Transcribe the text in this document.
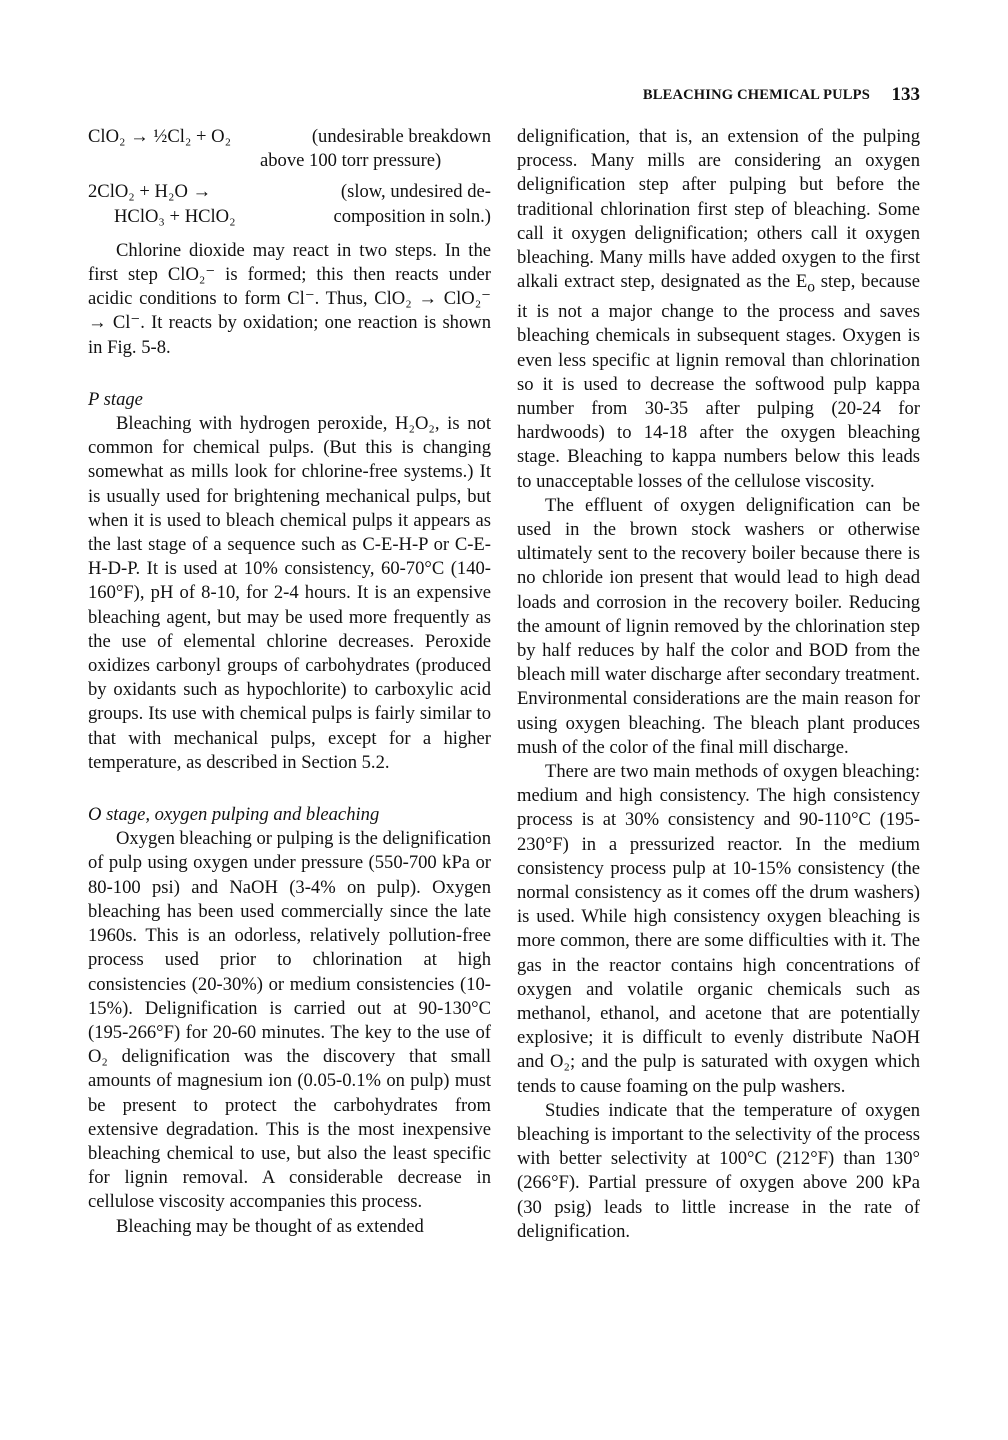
BLEACHING CHEMICAL PULPS 133
ClO₂ → ½Cl₂ + O₂	(undesirable breakdown
above 100 torr pressure)
2ClO₂ + H₂O →
HClO₃ + HClO₂
(slow, undesired de-
composition in soln.)

Chlorine dioxide may react in two steps. In the first step ClO₂⁻ is formed; this then reacts under acidic conditions to form Cl⁻. Thus, ClO₂ → ClO₂⁻ → Cl⁻. It reacts by oxidation; one reaction is shown in Fig. 5-8.

P stage

Bleaching with hydrogen peroxide, H₂O₂, is not common for chemical pulps. (But this is changing somewhat as mills look for chlorine-free systems.) It is usually used for brightening mechanical pulps, but when it is used to bleach chemical pulps it appears as the last stage of a sequence such as C-E-H-P or C-E-H-D-P. It is used at 10% consistency, 60-70°C (140-160°F), pH of 8-10, for 2-4 hours. It is an expensive bleaching agent, but may be used more frequently as the use of elemental chlorine decreases. Peroxide oxidizes carbonyl groups of carbohydrates (produced by oxidants such as hypochlorite) to carboxylic acid groups. Its use with chemical pulps is fairly similar to that with mechanical pulps, except for a higher temperature, as described in Section 5.2.

O stage, oxygen pulping and bleaching

Oxygen bleaching or pulping is the delignification of pulp using oxygen under pressure (550-700 kPa or 80-100 psi) and NaOH (3-4% on pulp). Oxygen bleaching has been used commercially since the late 1960s. This is an odorless, relatively pollution-free process used prior to chlorination at high consistencies (20-30%) or medium consistencies (10-15%). Delignification is carried out at 90-130°C (195-266°F) for 20-60 minutes. The key to the use of O₂ delignification was the discovery that small amounts of magnesium ion (0.05-0.1% on pulp) must be present to protect the carbohydrates from extensive degradation. This is the most inexpensive bleaching chemical to use, but also the least specific for lignin removal. A considerable decrease in cellulose viscosity accompanies this process.

Bleaching may be thought of as extended

delignification, that is, an extension of the pulping process. Many mills are considering an oxygen delignification step after pulping but before the traditional chlorination first step of bleaching. Some call it oxygen delignification; others call it oxygen bleaching. Many mills have added oxygen to the first alkali extract step, designated as the $E_o$ step, because it is not a major change to the process and saves bleaching chemicals in subsequent stages. Oxygen is even less specific at lignin removal than chlorination so it is used to decrease the softwood pulp kappa number from 30-35 after pulping (20-24 for hardwoods) to 14-18 after the oxygen bleaching stage. Bleaching to kappa numbers below this leads to unacceptable losses of the cellulose viscosity.

The effluent of oxygen delignification can be used in the brown stock washers or otherwise ultimately sent to the recovery boiler because there is no chloride ion present that would lead to high dead loads and corrosion in the recovery boiler. Reducing the amount of lignin removed by the chlorination step by half reduces by half the color and BOD from the bleach mill water discharge after secondary treatment. Environmental considerations are the main reason for using oxygen bleaching. The bleach plant produces mush of the color of the final mill discharge.

There are two main methods of oxygen bleaching: medium and high consistency. The high consistency process is at 30% consistency and 90-110°C (195-230°F) in a pressurized reactor. In the medium consistency process pulp at 10-15% consistency (the normal consistency as it comes off the drum washers) is used. While high consistency oxygen bleaching is more common, there are some difficulties with it. The gas in the reactor contains high concentrations of oxygen and volatile organic chemicals such as methanol, ethanol, and acetone that are potentially explosive; it is difficult to evenly distribute NaOH and O₂; and the pulp is saturated with oxygen which tends to cause foaming on the pulp washers.

Studies indicate that the temperature of oxygen bleaching is important to the selectivity of the process with better selectivity at 100°C (212°F) than 130°(266°F). Partial pressure of oxygen above 200 kPa (30 psig) leads to little increase in the rate of delignification.
